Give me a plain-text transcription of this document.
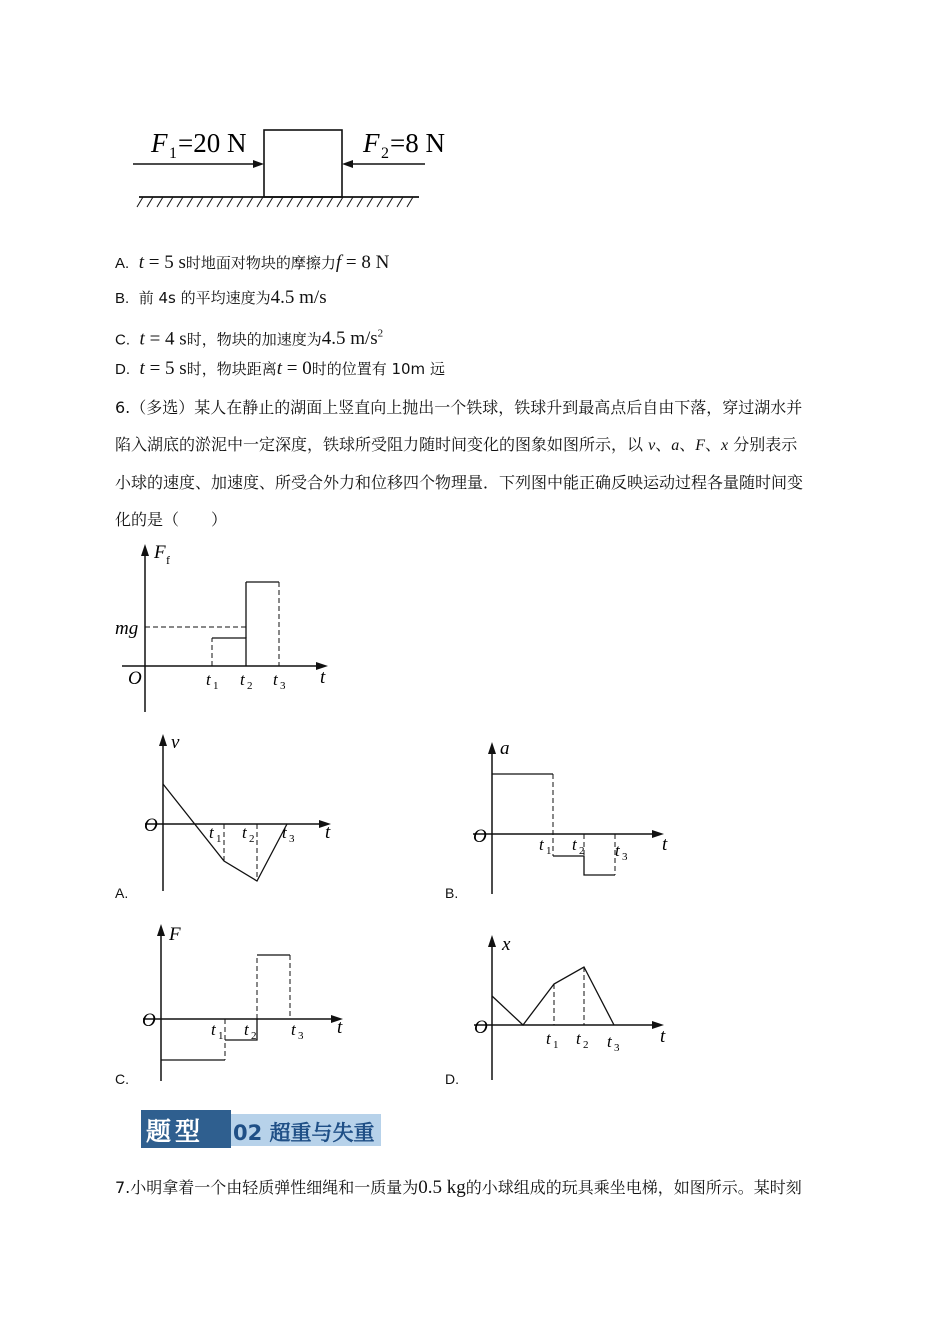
F 1 =20 N	F 2 =8 N
A. t = 5 s时地面对物块的摩擦力f = 8 N
B. 前 4s 的平均速度为4.5 m/s
C. t = 4 s时，物块的加速度为4.5 $m/s^2$
D. t = 5 s时，物块距离t = 0时的位置有 10m 远
6.（多选）某人在静止的湖面上竖直向上抛出一个铁球，铁球升到最高点后自由下落，穿过湖水并
陷入湖底的淤泥中一定深度，铁球所受阻力随时间变化的图象如图所示，以 v、a、F、x 分别表示
小球的速度、加速度、所受合外力和位移四个物理量．下列图中能正确反映运动过程各量随时间变
化的是（　　）
F f
mg
O	t
t 1 t 2 t 3
v
O	t
t 1 t 2 t 3
A.
a
O	t
t 1 t 2 t 3
B.
F
O	t
t 1 t 2 t 3
C.
x
O	t
t 1 t 2 t 3
D.
题型 02 超重与失重
7.小明拿着一个由轻质弹性细绳和一质量为0.5 kg的小球组成的玩具乘坐电梯，如图所示。某时刻
